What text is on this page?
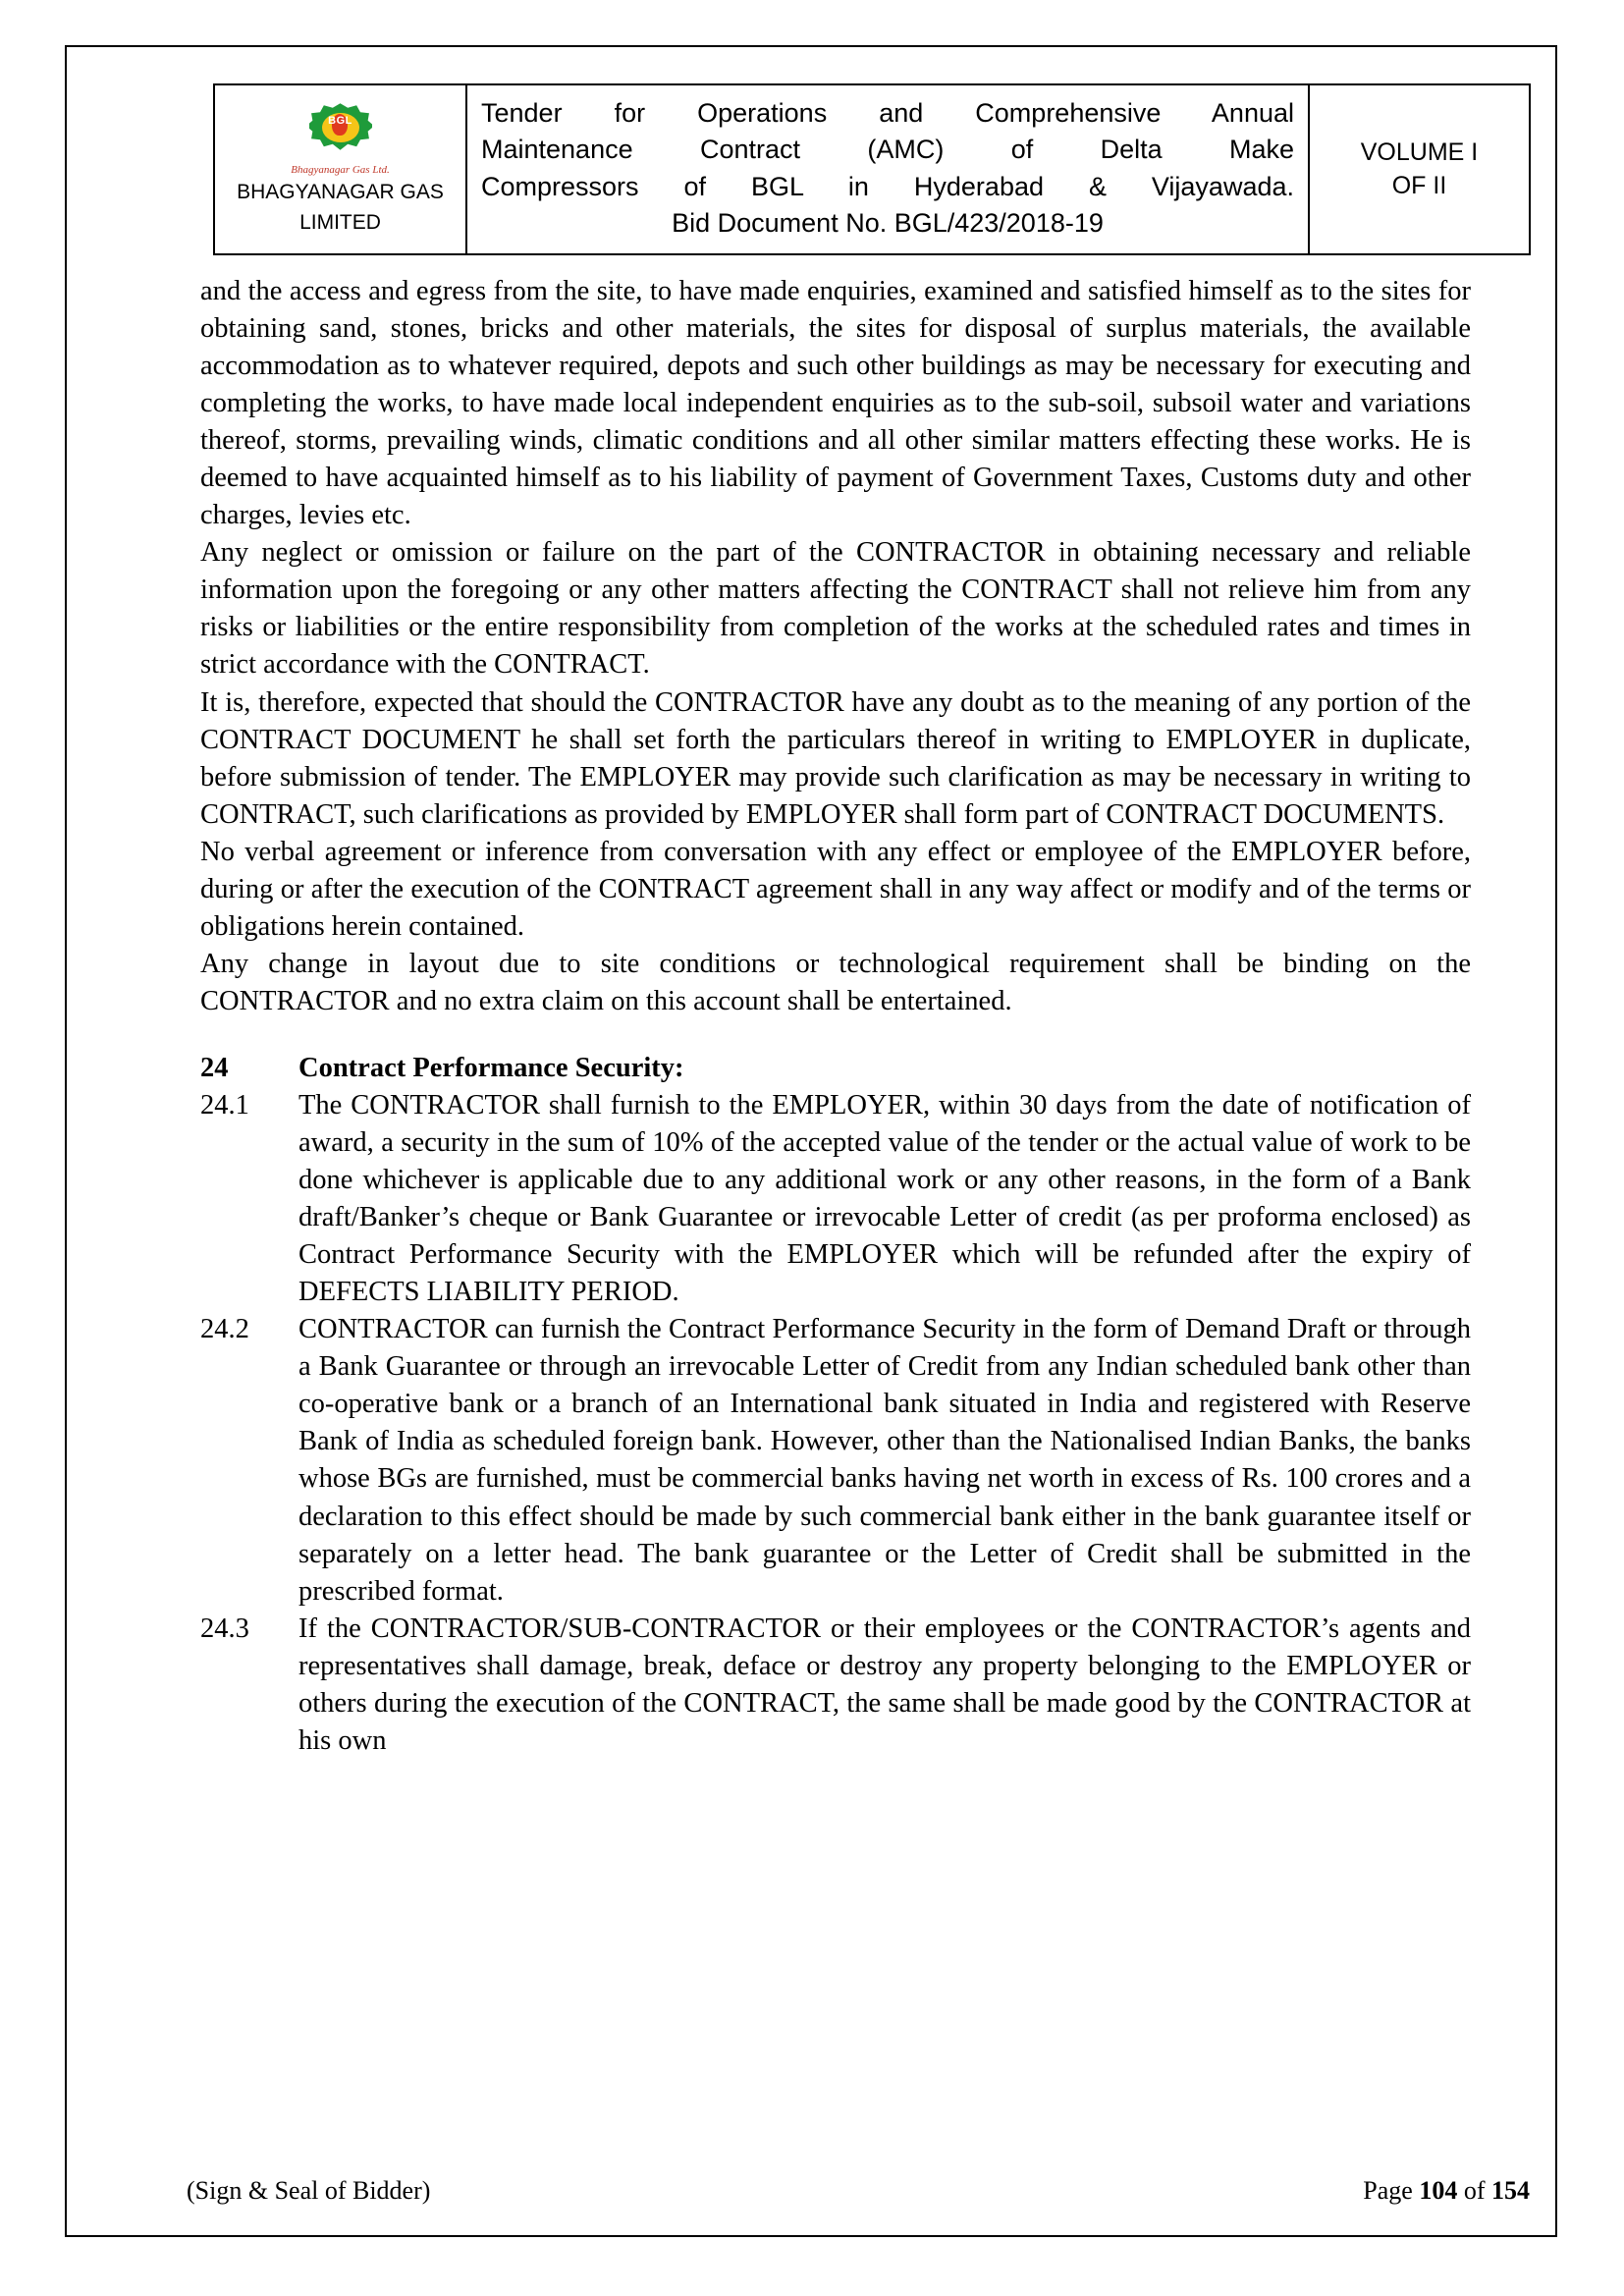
BGL
Bhagyanagar Gas Ltd.
BHAGYANAGAR GAS
LIMITED

Tender for Operations and Comprehensive Annual
Maintenance Contract (AMC) of Delta Make
Compressors of BGL in Hyderabad & Vijayawada.
Bid Document No. BGL/423/2018-19

VOLUME I
OF II

and the access and egress from the site, to have made enquiries, examined and satisfied himself as to the sites for obtaining sand, stones, bricks and other materials, the sites for disposal of surplus materials, the available accommodation as to whatever required, depots and such other buildings as may be necessary for executing and completing the works, to have made local independent enquiries as to the sub-soil, subsoil water and variations thereof, storms, prevailing winds, climatic conditions and all other similar matters effecting these works. He is deemed to have acquainted himself as to his liability of payment of Government Taxes, Customs duty and other charges, levies etc.

Any neglect or omission or failure on the part of the CONTRACTOR in obtaining necessary and reliable information upon the foregoing or any other matters affecting the CONTRACT shall not relieve him from any risks or liabilities or the entire responsibility from completion of the works at the scheduled rates and times in strict accordance with the CONTRACT.

It is, therefore, expected that should the CONTRACTOR have any doubt as to the meaning of any portion of the CONTRACT DOCUMENT he shall set forth the particulars thereof in writing to EMPLOYER in duplicate, before submission of tender. The EMPLOYER may provide such clarification as may be necessary in writing to CONTRACT, such clarifications as provided by EMPLOYER shall form part of CONTRACT DOCUMENTS.

No verbal agreement or inference from conversation with any effect or employee of the EMPLOYER before, during or after the execution of the CONTRACT agreement shall in any way affect or modify and of the terms or obligations herein contained.

Any change in layout due to site conditions or technological requirement shall be binding on the CONTRACTOR and no extra claim on this account shall be entertained.

24	Contract Performance Security:
24.1	The CONTRACTOR shall furnish to the EMPLOYER, within 30 days from the date of notification of award, a security in the sum of 10% of the accepted value of the tender or the actual value of work to be done whichever is applicable due to any additional work or any other reasons, in the form of a Bank draft/Banker’s cheque or Bank Guarantee or irrevocable Letter of credit (as per proforma enclosed) as Contract Performance Security with the EMPLOYER which will be refunded after the expiry of DEFECTS LIABILITY PERIOD.
24.2	CONTRACTOR can furnish the Contract Performance Security in the form of Demand Draft or through a Bank Guarantee or through an irrevocable Letter of Credit from any Indian scheduled bank other than co-operative bank or a branch of an International bank situated in India and registered with Reserve Bank of India as scheduled foreign bank. However, other than the Nationalised Indian Banks, the banks whose BGs are furnished, must be commercial banks having net worth in excess of Rs. 100 crores and a declaration to this effect should be made by such commercial bank either in the bank guarantee itself or separately on a letter head. The bank guarantee or the Letter of Credit shall be submitted in the prescribed format.
24.3	If the CONTRACTOR/SUB-CONTRACTOR or their employees or the CONTRACTOR’s agents and representatives shall damage, break, deface or destroy any property belonging to the EMPLOYER or others during the execution of the CONTRACT, the same shall be made good by the CONTRACTOR at his own
(Sign & Seal of Bidder)	Page 104 of 154
